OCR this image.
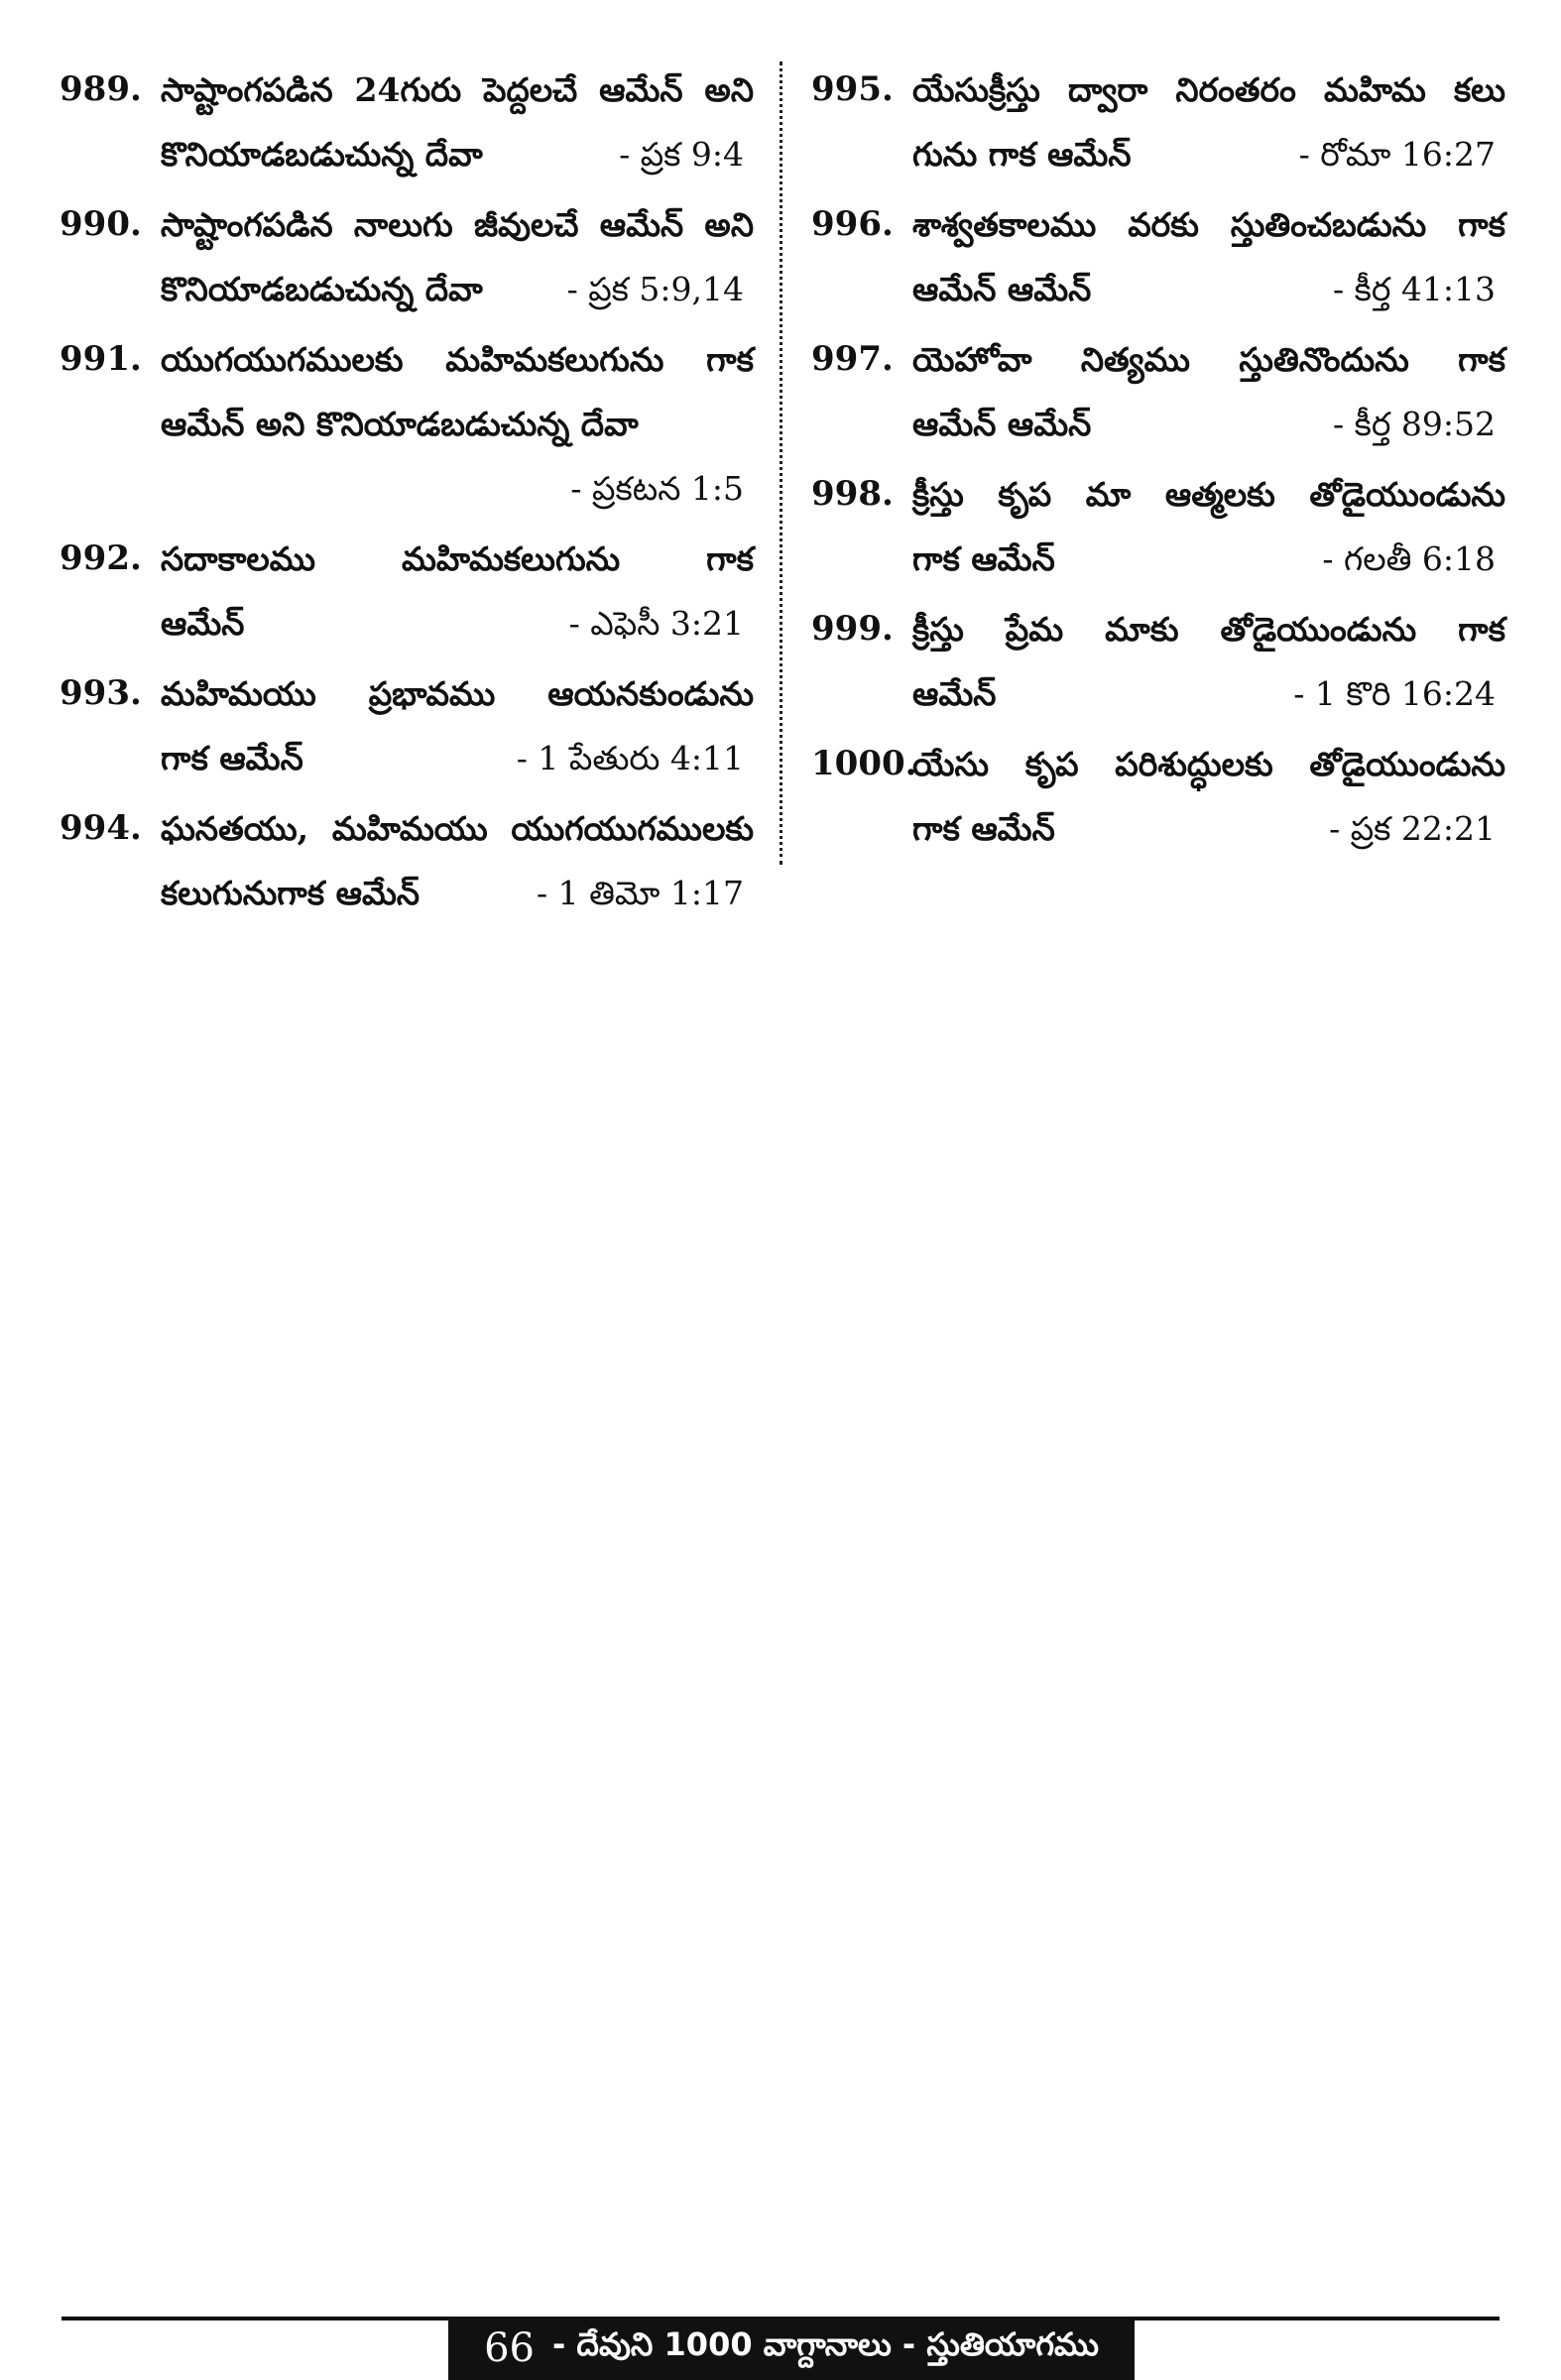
989. సాష్టాంగపడిన 24గురు పెద్దలచే ఆమేన్ అని
కొనియాడబడుచున్న దేవా	- ప్రక 9:4
990. సాష్టాంగపడిన నాలుగు జీవులచే ఆమేన్ అని
కొనియాడబడుచున్న దేవా	- ప్రక 5:9,14
991. యుగయుగములకు మహిమకలుగును గాక
ఆమేన్ అని కొనియాడబడుచున్న దేవా
- ప్రకటన 1:5
992. సదాకాలము మహిమకలుగును గాక
ఆమేన్	- ఎఫెసీ 3:21
993. మహిమయు ప్రభావము ఆయనకుండును
గాక ఆమేన్	- 1 పేతురు 4:11
994. ఘనతయు, మహిమయు యుగయుగములకు
కలుగునుగాక ఆమేన్	- 1 తిమో 1:17
995. యేసుక్రీస్తు ద్వారా నిరంతరం మహిమ కలు
గును గాక ఆమేన్	- రోమా 16:27
996. శాశ్వతకాలము వరకు స్తుతించబడును గాక
ఆమేన్ ఆమేన్	- కీర్త 41:13
997. యెహోవా నిత్యము స్తుతినొందును గాక
ఆమేన్ ఆమేన్	- కీర్త 89:52
998. క్రీస్తు కృప మా ఆత్మలకు తోడైయుండును
గాక ఆమేన్	- గలతీ 6:18
999. క్రీస్తు ప్రేమ మాకు తోడైయుండును గాక
ఆమేన్	- 1 కొరి 16:24
1000.
యేసు కృప పరిశుద్ధులకు తోడైయుండును
గాక ఆమేన్	- ప్రక 22:21
66 - దేవుని 1000 వాగ్దానాలు - స్తుతియాగము
